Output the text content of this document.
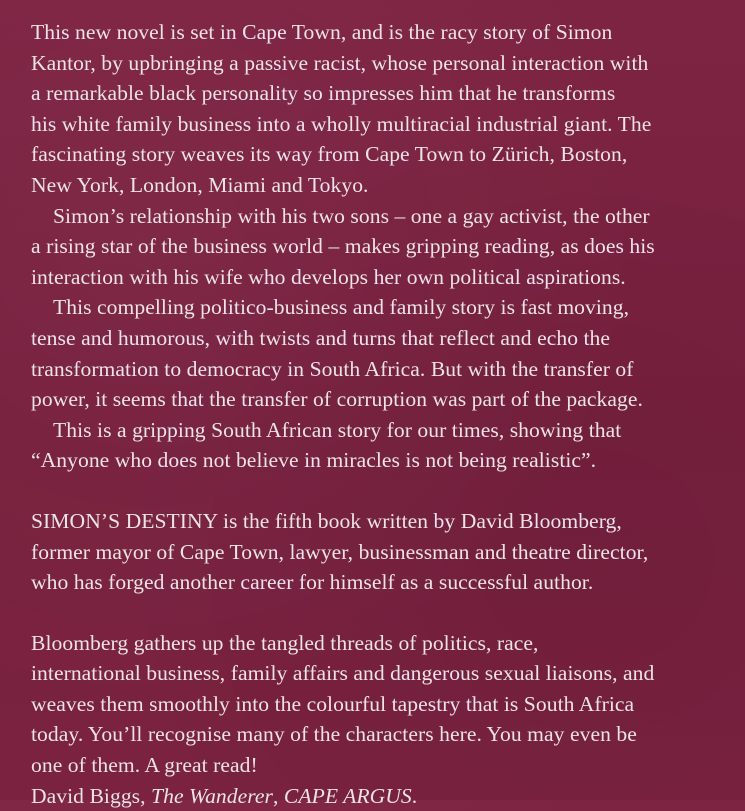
This new novel is set in Cape Town, and is the racy story of Simon
Kantor, by upbringing a passive racist, whose personal interaction with
a remarkable black personality so impresses him that he transforms
his white family business into a wholly multiracial industrial giant. The
fascinating story weaves its way from Cape Town to Zürich, Boston,
New York, London, Miami and Tokyo.
Simon’s relationship with his two sons – one a gay activist, the other
a rising star of the business world – makes gripping reading, as does his
interaction with his wife who develops her own political aspirations.
This compelling politico-business and family story is fast moving,
tense and humorous, with twists and turns that reflect and echo the
transformation to democracy in South Africa. But with the transfer of
power, it seems that the transfer of corruption was part of the package.
This is a gripping South African story for our times, showing that
“Anyone who does not believe in miracles is not being realistic”.
SIMON’S DESTINY is the fifth book written by David Bloomberg,
former mayor of Cape Town, lawyer, businessman and theatre director,
who has forged another career for himself as a successful author.
Bloomberg gathers up the tangled threads of politics, race,
international business, family affairs and dangerous sexual liaisons, and
weaves them smoothly into the colourful tapestry that is South Africa
today. You’ll recognise many of the characters here. You may even be
one of them. A great read!
David Biggs, The Wanderer, CAPE ARGUS.
